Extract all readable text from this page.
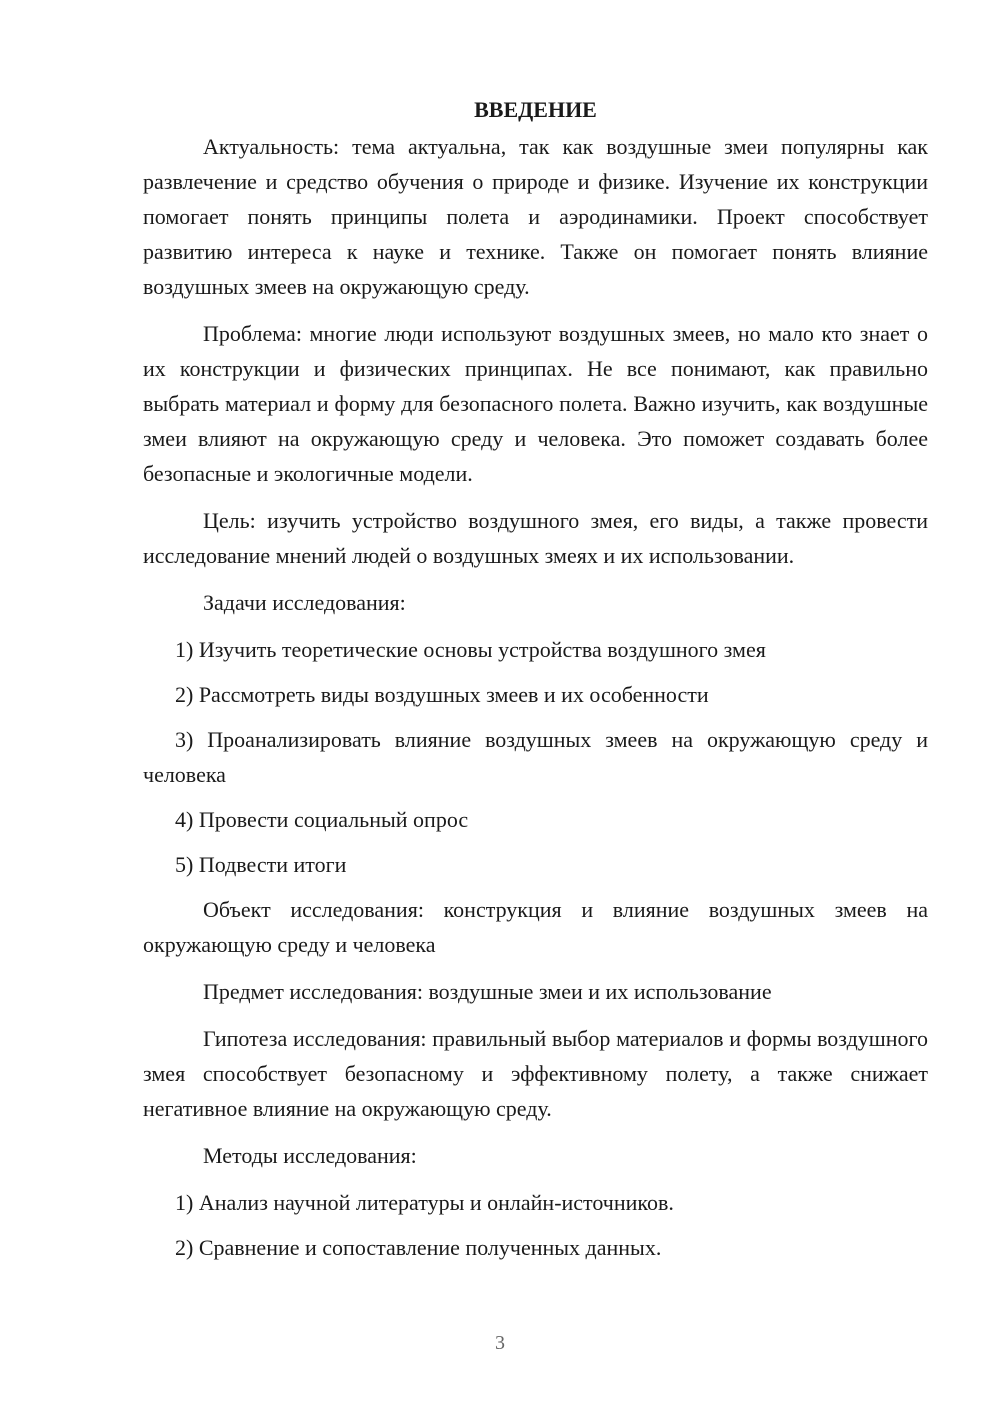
ВВЕДЕНИЕ

Актуальность: тема актуальна, так как воздушные змеи популярны как развлечение и средство обучения о природе и физике. Изучение их конструкции помогает понять принципы полета и аэродинамики. Проект способствует развитию интереса к науке и технике. Также он помогает понять влияние воздушных змеев на окружающую среду.

Проблема: многие люди используют воздушных змеев, но мало кто знает о их конструкции и физических принципах. Не все понимают, как правильно выбрать материал и форму для безопасного полета. Важно изучить, как воздушные змеи влияют на окружающую среду и человека. Это поможет создавать более безопасные и экологичные модели.

Цель: изучить устройство воздушного змея, его виды, а также провести исследование мнений людей о воздушных змеях и их использовании.

Задачи исследования:

1) Изучить теоретические основы устройства воздушного змея

2) Рассмотреть виды воздушных змеев и их особенности

3) Проанализировать влияние воздушных змеев на окружающую среду и человека

4) Провести социальный опрос

5) Подвести итоги

Объект исследования: конструкция и влияние воздушных змеев на окружающую среду и человека

Предмет исследования: воздушные змеи и их использование

Гипотеза исследования: правильный выбор материалов и формы воздушного змея способствует безопасному и эффективному полету, а также снижает негативное влияние на окружающую среду.

Методы исследования:

1) Анализ научной литературы и онлайн-источников.

2) Сравнение и сопоставление полученных данных.

3
